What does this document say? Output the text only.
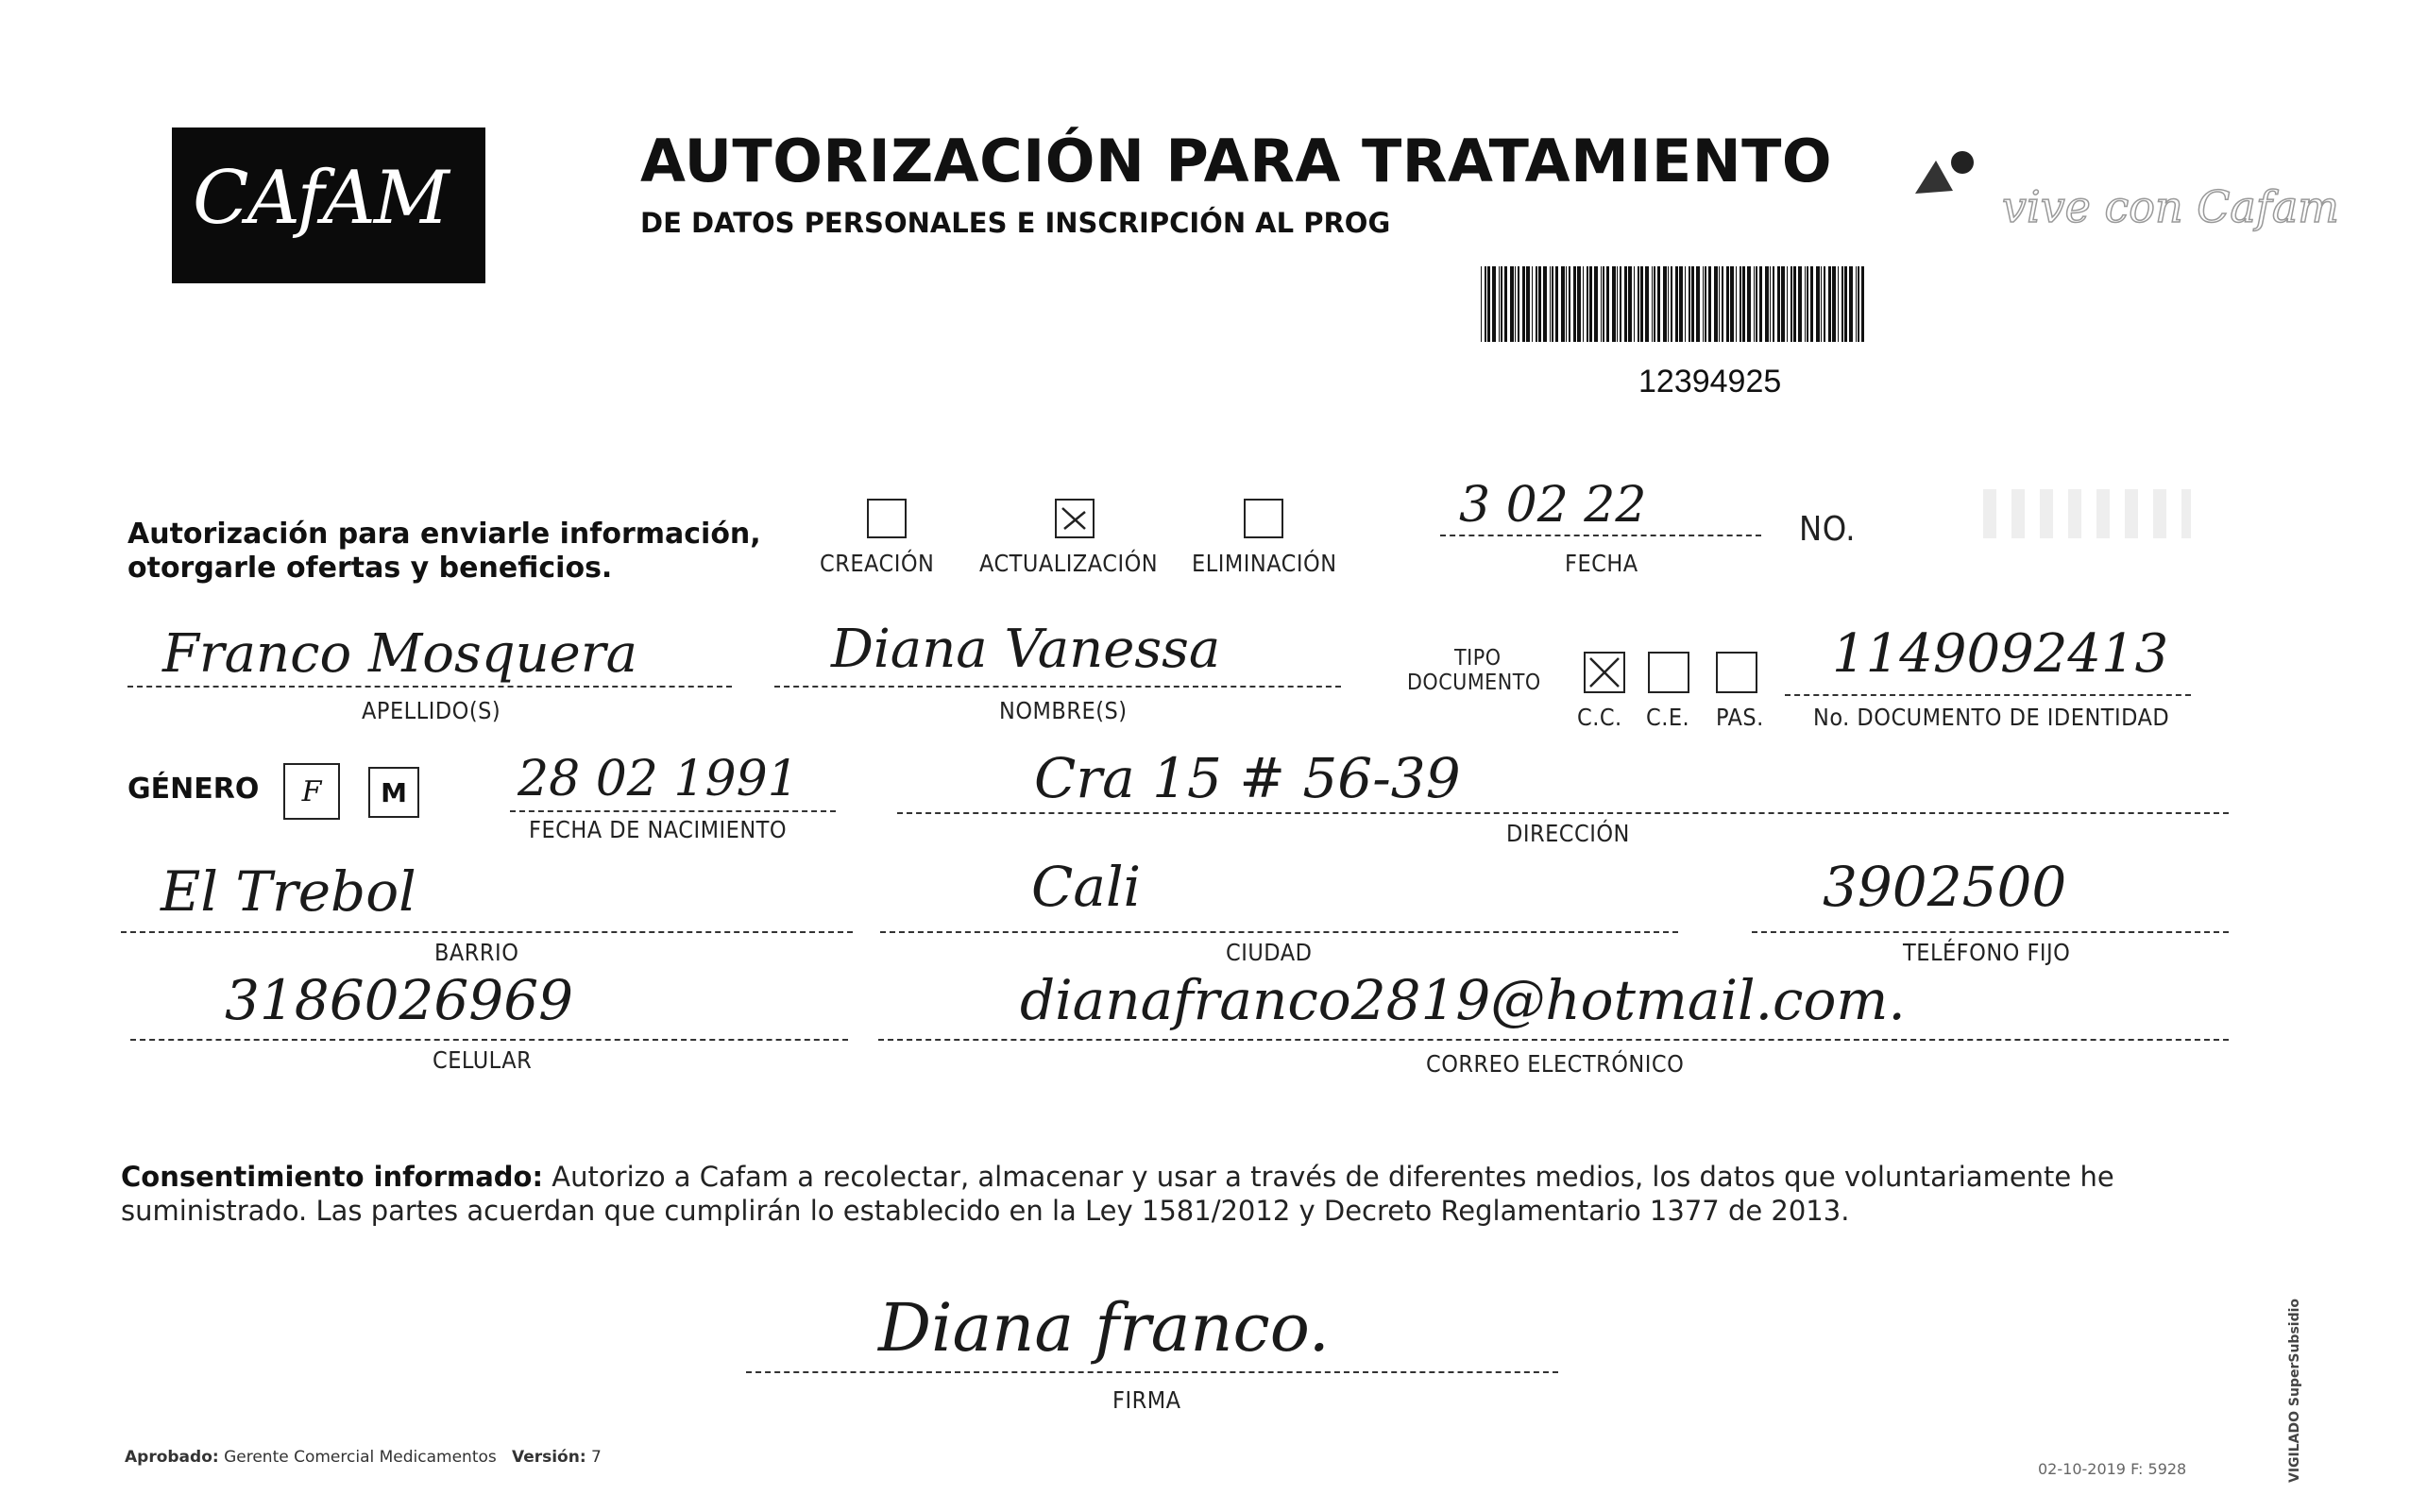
CAfAM	AUTORIZACIÓN PARA TRATAMIENTO
DE DATOS PERSONALES E INSCRIPCIÓN AL PROG
12394925
vive con Cafam
Autorización para enviarle información,
otorgarle ofertas y beneficios.	CREACIÓN ACTUALIZACIÓN ELIMINACIÓN
3 02 22
FECHA
NO.
Franco Mosquera
APELLIDO(S)
Diana Vanessa
NOMBRE(S)
TIPO
DOCUMENTO
C.C. C.E. PAS.
1149092413
No. DOCUMENTO DE IDENTIDAD
GÉNERO	F	M 28 02 1991
FECHA DE NACIMIENTO
Cra 15 # 56-39
DIRECCIÓN
El Trebol
BARRIO
Cali
CIUDAD
3902500
TELÉFONO FIJO
3186026969
CELULAR
dianafranco2819@hotmail.com.
CORREO ELECTRÓNICO
Consentimiento informado: Autorizo a Cafam a recolectar, almacenar y usar a través de diferentes medios, los datos que voluntariamente he suministrado. Las partes acuerdan que cumplirán lo establecido en la Ley 1581/2012 y Decreto Reglamentario 1377 de 2013.
Diana franco.
FIRMA
Aprobado: Gerente Comercial Medicamentos Versión: 7
02-10-2019 F: 5928	VIGILADO SuperSubsidio
